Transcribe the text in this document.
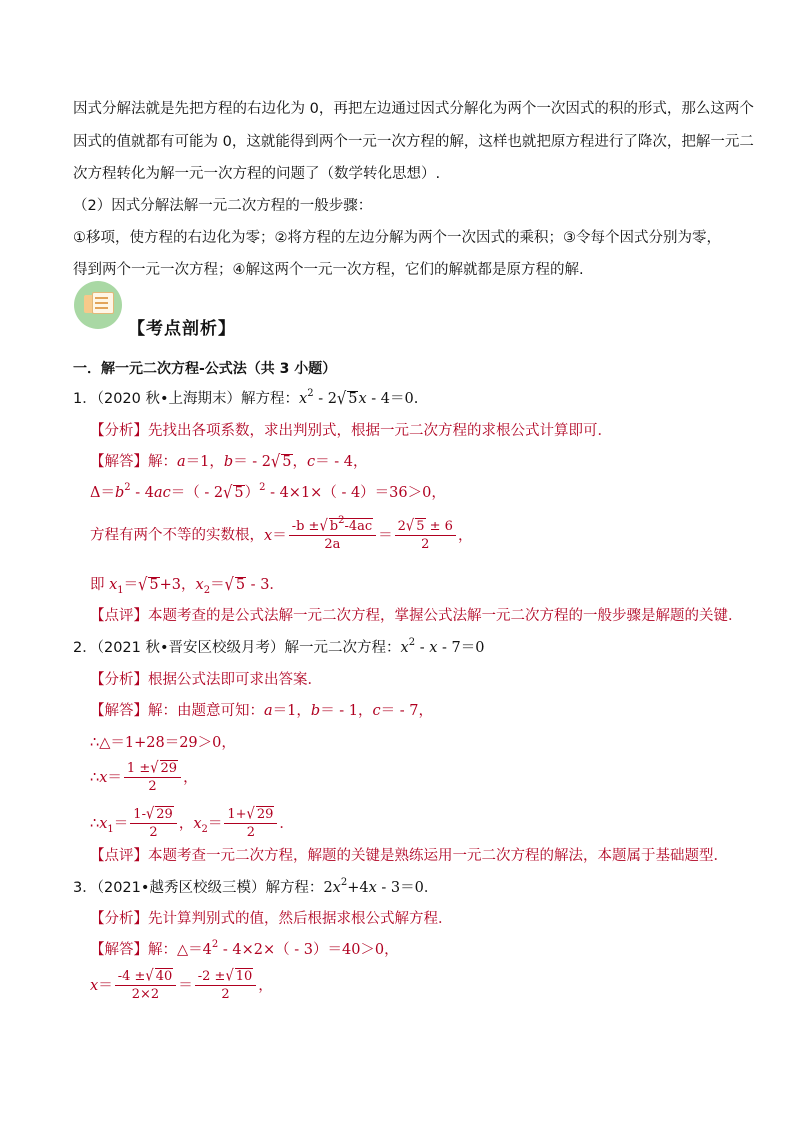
因式分解法就是先把方程的右边化为 0，再把左边通过因式分解化为两个一次因式的积的形式，那么这两个
因式的值就都有可能为 0，这就能得到两个一元一次方程的解，这样也就把原方程进行了降次，把解一元二
次方程转化为解一元一次方程的问题了（数学转化思想）.
（2）因式分解法解一元二次方程的一般步骤：
①移项，使方程的右边化为零；②将方程的左边分解为两个一次因式的乘积；③令每个因式分别为零，
得到两个一元一次方程；④解这两个一元一次方程，它们的解就都是原方程的解.
【考点剖析】
一．解一元二次方程-公式法（共 3 小题）
1．（2020 秋•上海期末）解方程：$x^2 - 2√$ 5x - 4＝0.
【分析】先找出各项系数，求出判别式，根据一元二次方程的求根公式计算即可．
【解答】解：a＝1，b＝ - 2√ 5，c＝ - 4，
$\Delta=b^2 - 4ac=( - 2√$ 5）$^2$ - 4×1×（ - 4）＝36＞0，
方程有两个不等的实数根，$x= \frac{-b \pm√ b^2-4ac}{2a} = \frac{2√ 5 \pm 6}{2}$ ，
即 $x_1=√$ 5+3，$x_2=√$ 5 - 3．
【点评】本题考查的是公式法解一元二次方程，掌握公式法解一元二次方程的一般步骤是解题的关键．
2．（2021 秋•晋安区校级月考）解一元二次方程：$x^2 - x - 7=0$
【分析】根据公式法即可求出答案．
【解答】解：由题意可知：a＝1，b＝ - 1，c＝ - 7，
∴△＝1+28＝29＞0，
∴x＝ $\frac{1 \pm√ 29}{2}$ ，
$\therefore x_1= \frac{1-√ 29}{2}$ ，$x_2= \frac{1+√ 29}{2}$ ．
【点评】本题考查一元二次方程，解题的关键是熟练运用一元二次方程的解法，本题属于基础题型．
3．（2021•越秀区校级三模）解方程：$2x^2+4x - 3=0$．
【分析】先计算判别式的值，然后根据求根公式解方程．
【解答】解：$\triangle=4^2 - 4\times 2\times( - 3)=40>0$，
$x= \frac{-4 \pm√ 40}{2\times 2} = \frac{-2 \pm√ 10}{2}$ ，
